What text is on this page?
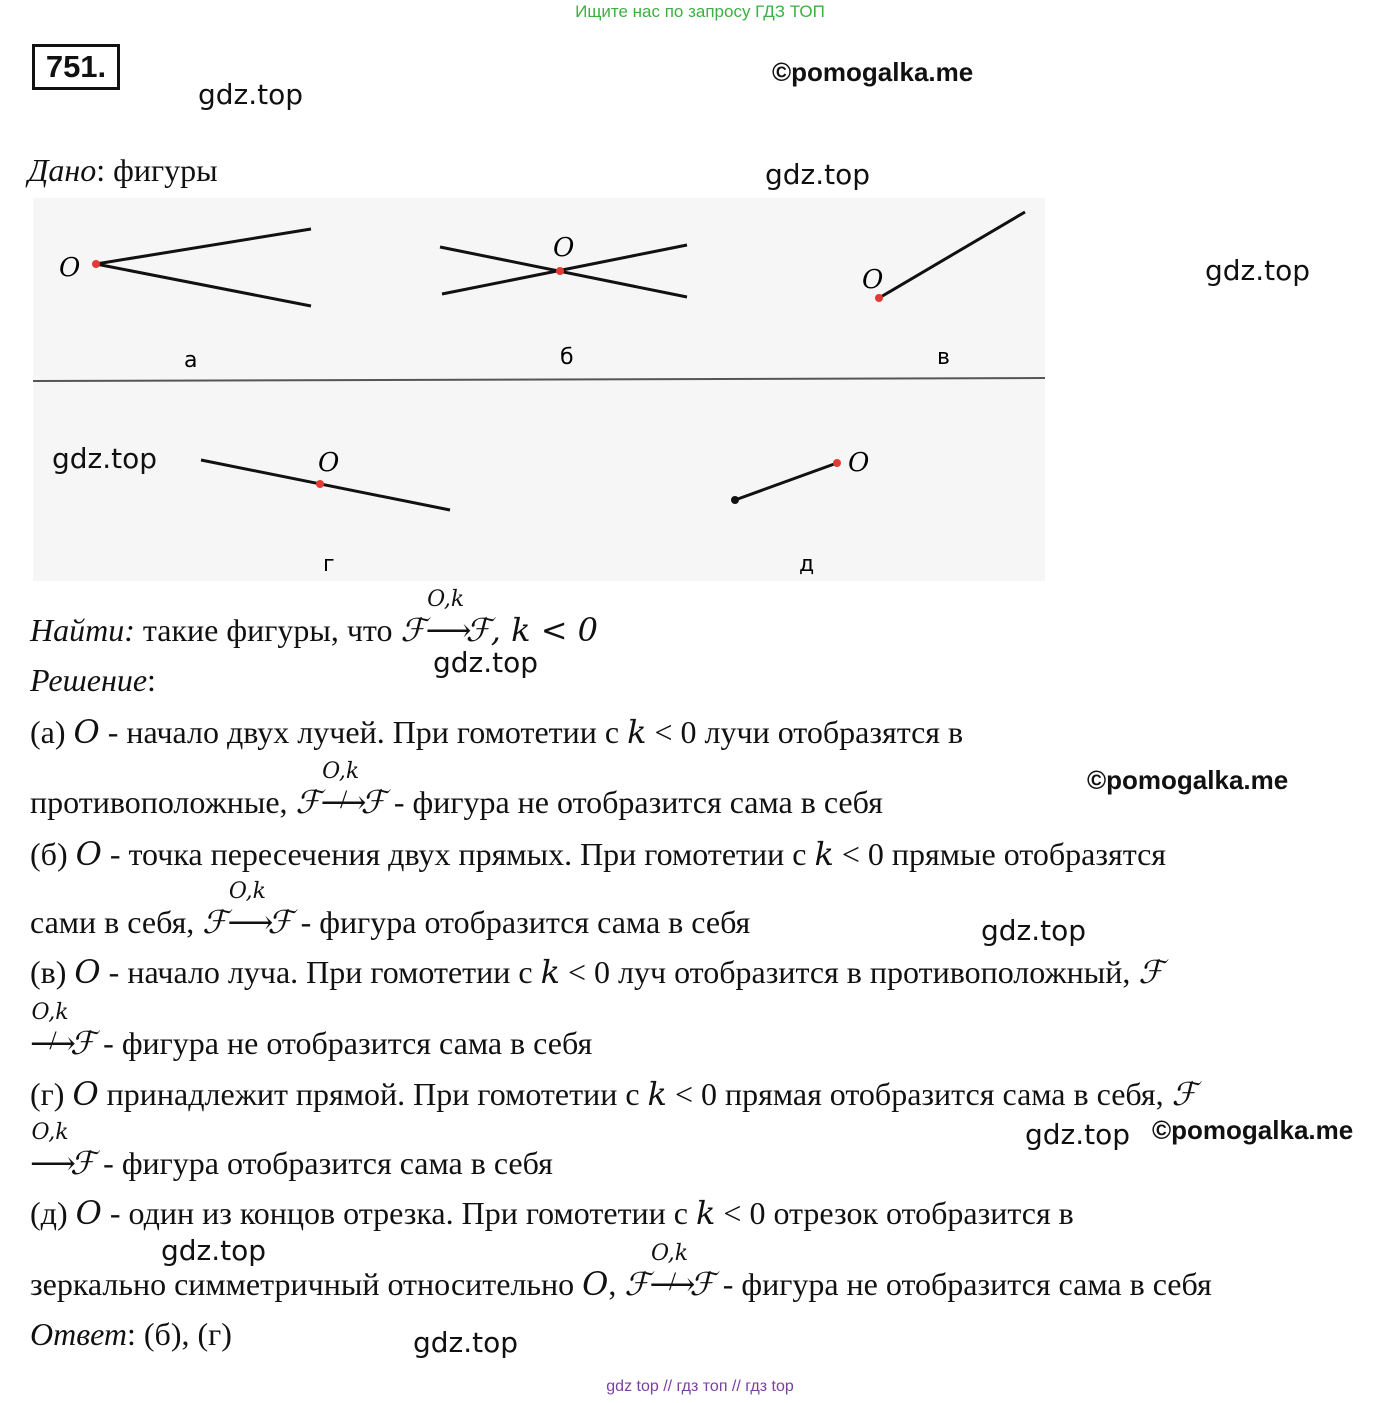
Ищите нас по запросу ГДЗ ТОП
751.
gdz.top
©pomogalka.me
gdz.top
gdz.top
Дано: фигуры
O
а
O
б
O
в
O
г
O
д
gdz.top
Найти: такие фигуры, что ℱ
O,k
⟶ℱ, k < 0
gdz.top
Решение:
(а) O - начало двух лучей. При гомотетии с k < 0 лучи отобразятся в
противоположные, ℱ
O,k
⟶ /ℱ - фигура не отобразится сама в себя
©pomogalka.me
(б) O - точка пересечения двух прямых. При гомотетии с k < 0 прямые отобразятся
сами в себя, ℱ
O,k
⟶ℱ - фигура отобразится сама в себя	gdz.top
(в) O - начало луча. При гомотетии с k < 0 луч отобразится в противоположный, ℱ
O,k
⟶ /ℱ - фигура не отобразится сама в себя
(г) O принадлежит прямой. При гомотетии с k < 0 прямая отобразится сама в себя, ℱ
O,k
⟶ℱ - фигура отобразится сама в себя
gdz.top ©pomogalka.me
(д) O - один из концов отрезка. При гомотетии с k < 0 отрезок отобразится в
gdz.top
зеркально симметричный относительно O, ℱ
O,k
⟶ /ℱ - фигура не отобразится сама в себя
Ответ: (б), (г)	gdz.top
gdz top // гдз топ // гдз top
